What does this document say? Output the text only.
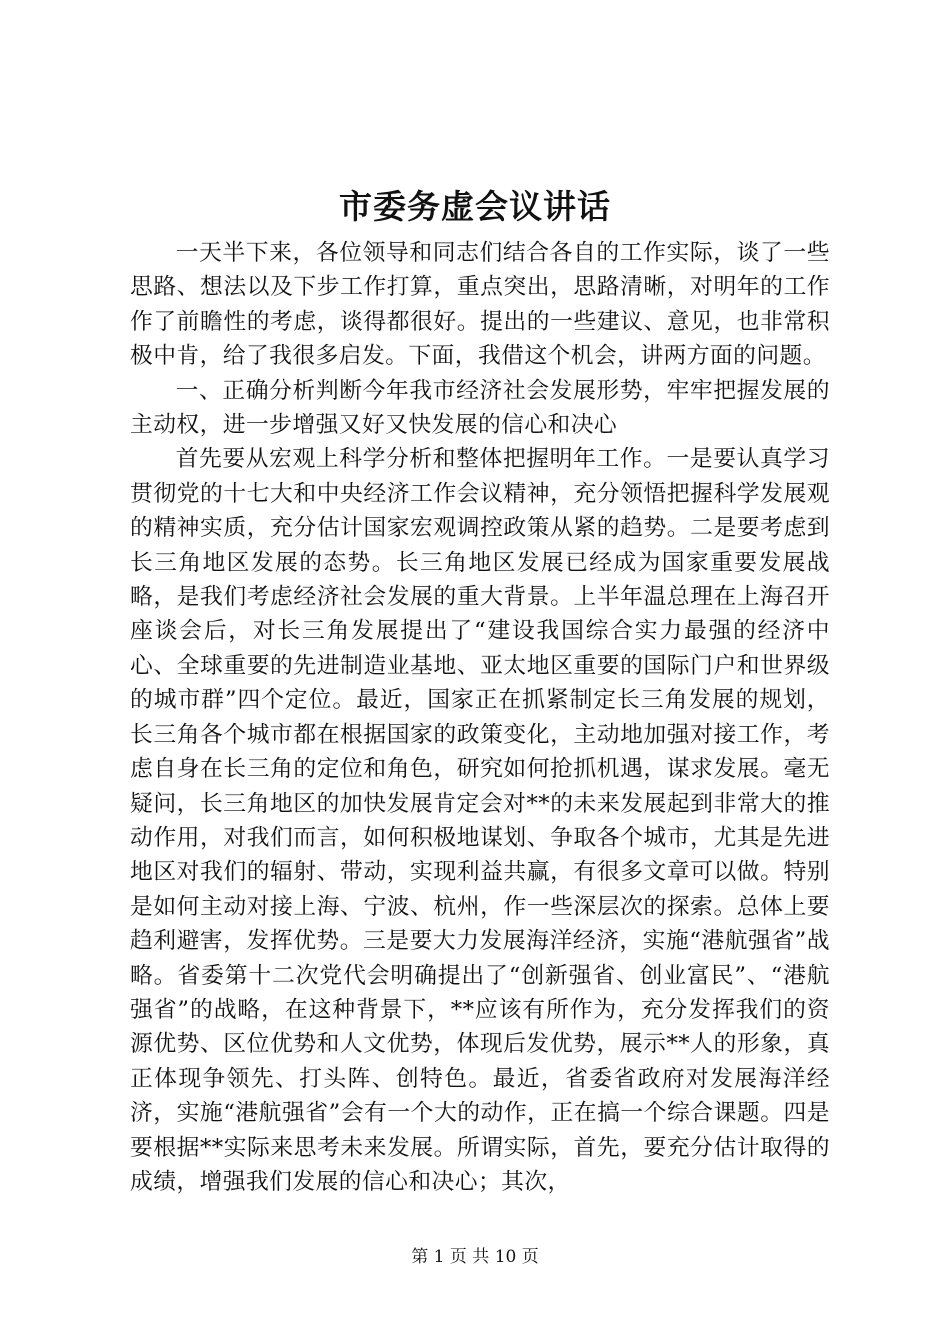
市委务虚会议讲话

一天半下来，各位领导和同志们结合各自的工作实际，谈了一些思路、想法以及下步工作打算，重点突出，思路清晰，对明年的工作作了前瞻性的考虑，谈得都很好。提出的一些建议、意见，也非常积极中肯，给了我很多启发。下面，我借这个机会，讲两方面的问题。

一、正确分析判断今年我市经济社会发展形势，牢牢把握发展的主动权，进一步增强又好又快发展的信心和决心

首先要从宏观上科学分析和整体把握明年工作。一是要认真学习贯彻党的十七大和中央经济工作会议精神，充分领悟把握科学发展观的精神实质，充分估计国家宏观调控政策从紧的趋势。二是要考虑到长三角地区发展的态势。长三角地区发展已经成为国家重要发展战略，是我们考虑经济社会发展的重大背景。上半年温总理在上海召开座谈会后，对长三角发展提出了“建设我国综合实力最强的经济中心、全球重要的先进制造业基地、亚太地区重要的国际门户和世界级的城市群”四个定位。最近，国家正在抓紧制定长三角发展的规划，长三角各个城市都在根据国家的政策变化，主动地加强对接工作，考虑自身在长三角的定位和角色，研究如何抢抓机遇，谋求发展。毫无疑问，长三角地区的加快发展肯定会对**的未来发展起到非常大的推动作用，对我们而言，如何积极地谋划、争取各个城市，尤其是先进地区对我们的辐射、带动，实现利益共赢，有很多文章可以做。特别是如何主动对接上海、宁波、杭州，作一些深层次的探索。总体上要趋利避害，发挥优势。三是要大力发展海洋经济，实施“港航强省”战略。省委第十二次党代会明确提出了“创新强省、创业富民”、“港航强省”的战略，在这种背景下，**应该有所作为，充分发挥我们的资源优势、区位优势和人文优势，体现后发优势，展示**人的形象，真正体现争领先、打头阵、创特色。最近，省委省政府对发展海洋经济，实施“港航强省”会有一个大的动作，正在搞一个综合课题。四是要根据**实际来思考未来发展。所谓实际，首先，要充分估计取得的成绩，增强我们发展的信心和决心；其次，

第 1 页 共 10 页
